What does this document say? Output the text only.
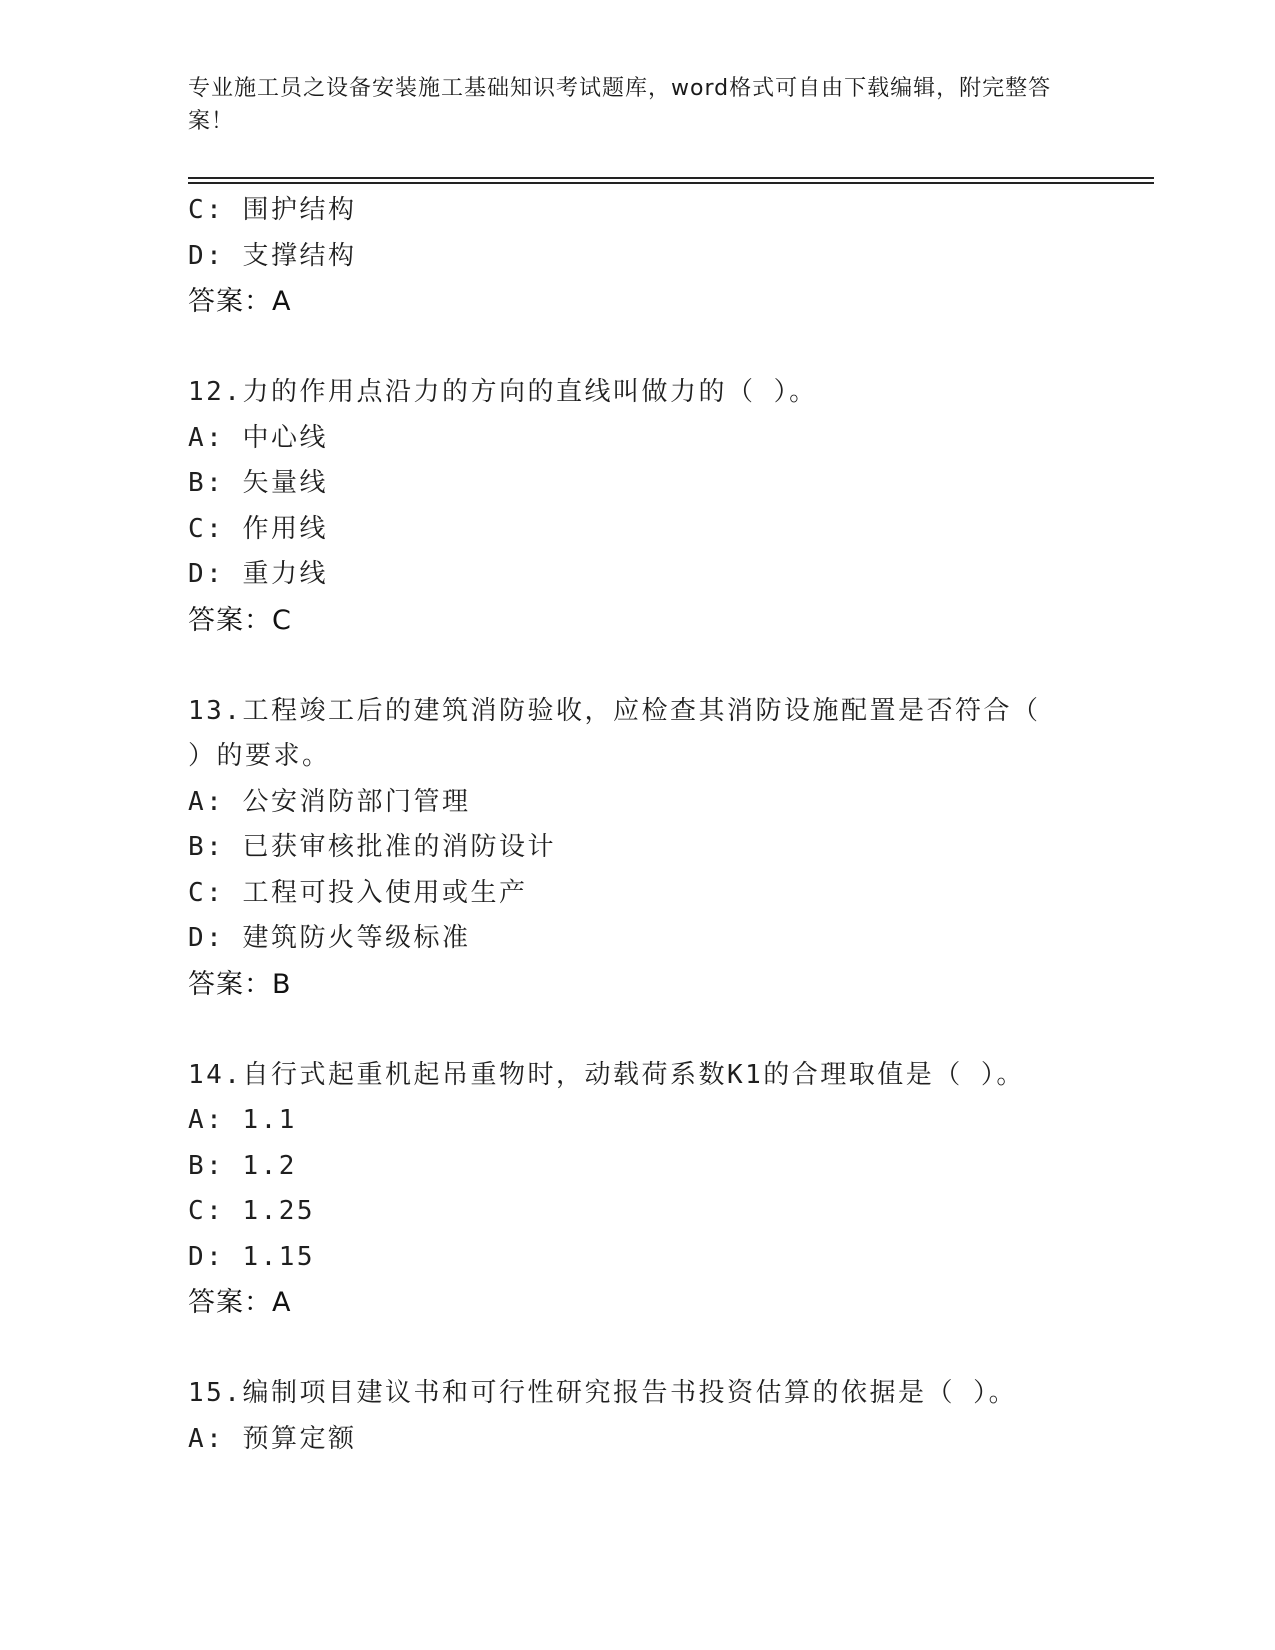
专业施工员之设备安装施工基础知识考试题库，word格式可自由下载编辑，附完整答案！
C: 围护结构
D: 支撑结构
答案：A
12.力的作用点沿力的方向的直线叫做力的（ ）。
A: 中心线
B: 矢量线
C: 作用线
D: 重力线
答案：C
13.工程竣工后的建筑消防验收，应检查其消防设施配置是否符合（
）的要求。
A: 公安消防部门管理
B: 已获审核批准的消防设计
C: 工程可投入使用或生产
D: 建筑防火等级标准
答案：B
14.自行式起重机起吊重物时，动载荷系数K1的合理取值是（ ）。
A: 1.1
B: 1.2
C: 1.25
D: 1.15
答案：A
15.编制项目建议书和可行性研究报告书投资估算的依据是（ ）。
A: 预算定额
